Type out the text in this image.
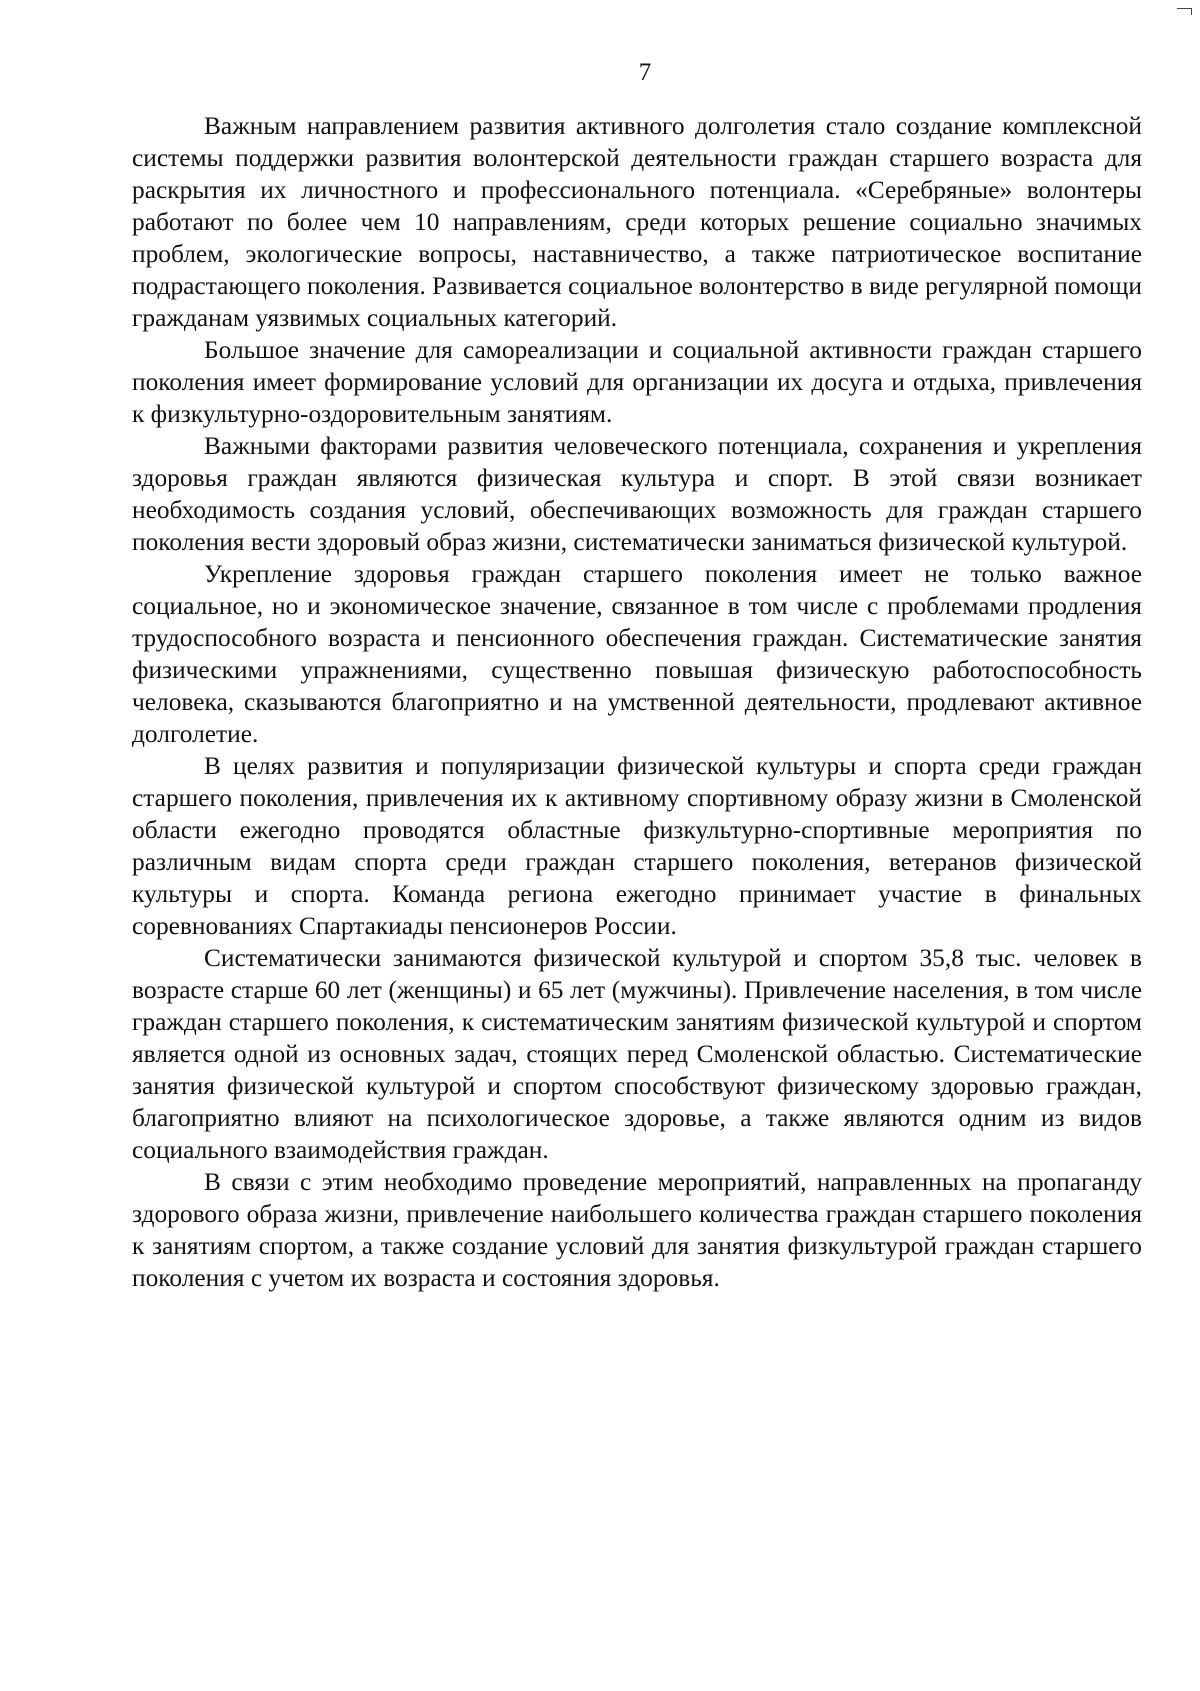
7

Важным направлением развития активного долголетия стало создание комплексной системы поддержки развития волонтерской деятельности граждан старшего возраста для раскрытия их личностного и профессионального потенциала. «Серебряные» волонтеры работают по более чем 10 направлениям, среди которых решение социально значимых проблем, экологические вопросы, наставничество, а также патриотическое воспитание подрастающего поколения. Развивается социальное волонтерство в виде регулярной помощи гражданам уязвимых социальных категорий.

Большое значение для самореализации и социальной активности граждан старшего поколения имеет формирование условий для организации их досуга и отдыха, привлечения к физкультурно-оздоровительным занятиям.

Важными факторами развития человеческого потенциала, сохранения и укрепления здоровья граждан являются физическая культура и спорт. В этой связи возникает необходимость создания условий, обеспечивающих возможность для граждан старшего поколения вести здоровый образ жизни, систематически заниматься физической культурой.

Укрепление здоровья граждан старшего поколения имеет не только важное социальное, но и экономическое значение, связанное в том числе с проблемами продления трудоспособного возраста и пенсионного обеспечения граждан. Систематические занятия физическими упражнениями, существенно повышая физическую работоспособность человека, сказываются благоприятно и на умственной деятельности, продлевают активное долголетие.

В целях развития и популяризации физической культуры и спорта среди граждан старшего поколения, привлечения их к активному спортивному образу жизни в Смоленской области ежегодно проводятся областные физкультурно-спортивные мероприятия по различным видам спорта среди граждан старшего поколения, ветеранов физической культуры и спорта. Команда региона ежегодно принимает участие в финальных соревнованиях Спартакиады пенсионеров России.

Систематически занимаются физической культурой и спортом 35,8 тыс. человек в возрасте старше 60 лет (женщины) и 65 лет (мужчины). Привлечение населения, в том числе граждан старшего поколения, к систематическим занятиям физической культурой и спортом является одной из основных задач, стоящих перед Смоленской областью. Систематические занятия физической культурой и спортом способствуют физическому здоровью граждан, благоприятно влияют на психологическое здоровье, а также являются одним из видов социального взаимодействия граждан.

В связи с этим необходимо проведение мероприятий, направленных на пропаганду здорового образа жизни, привлечение наибольшего количества граждан старшего поколения к занятиям спортом, а также создание условий для занятия физкультурой граждан старшего поколения с учетом их возраста и состояния здоровья.
